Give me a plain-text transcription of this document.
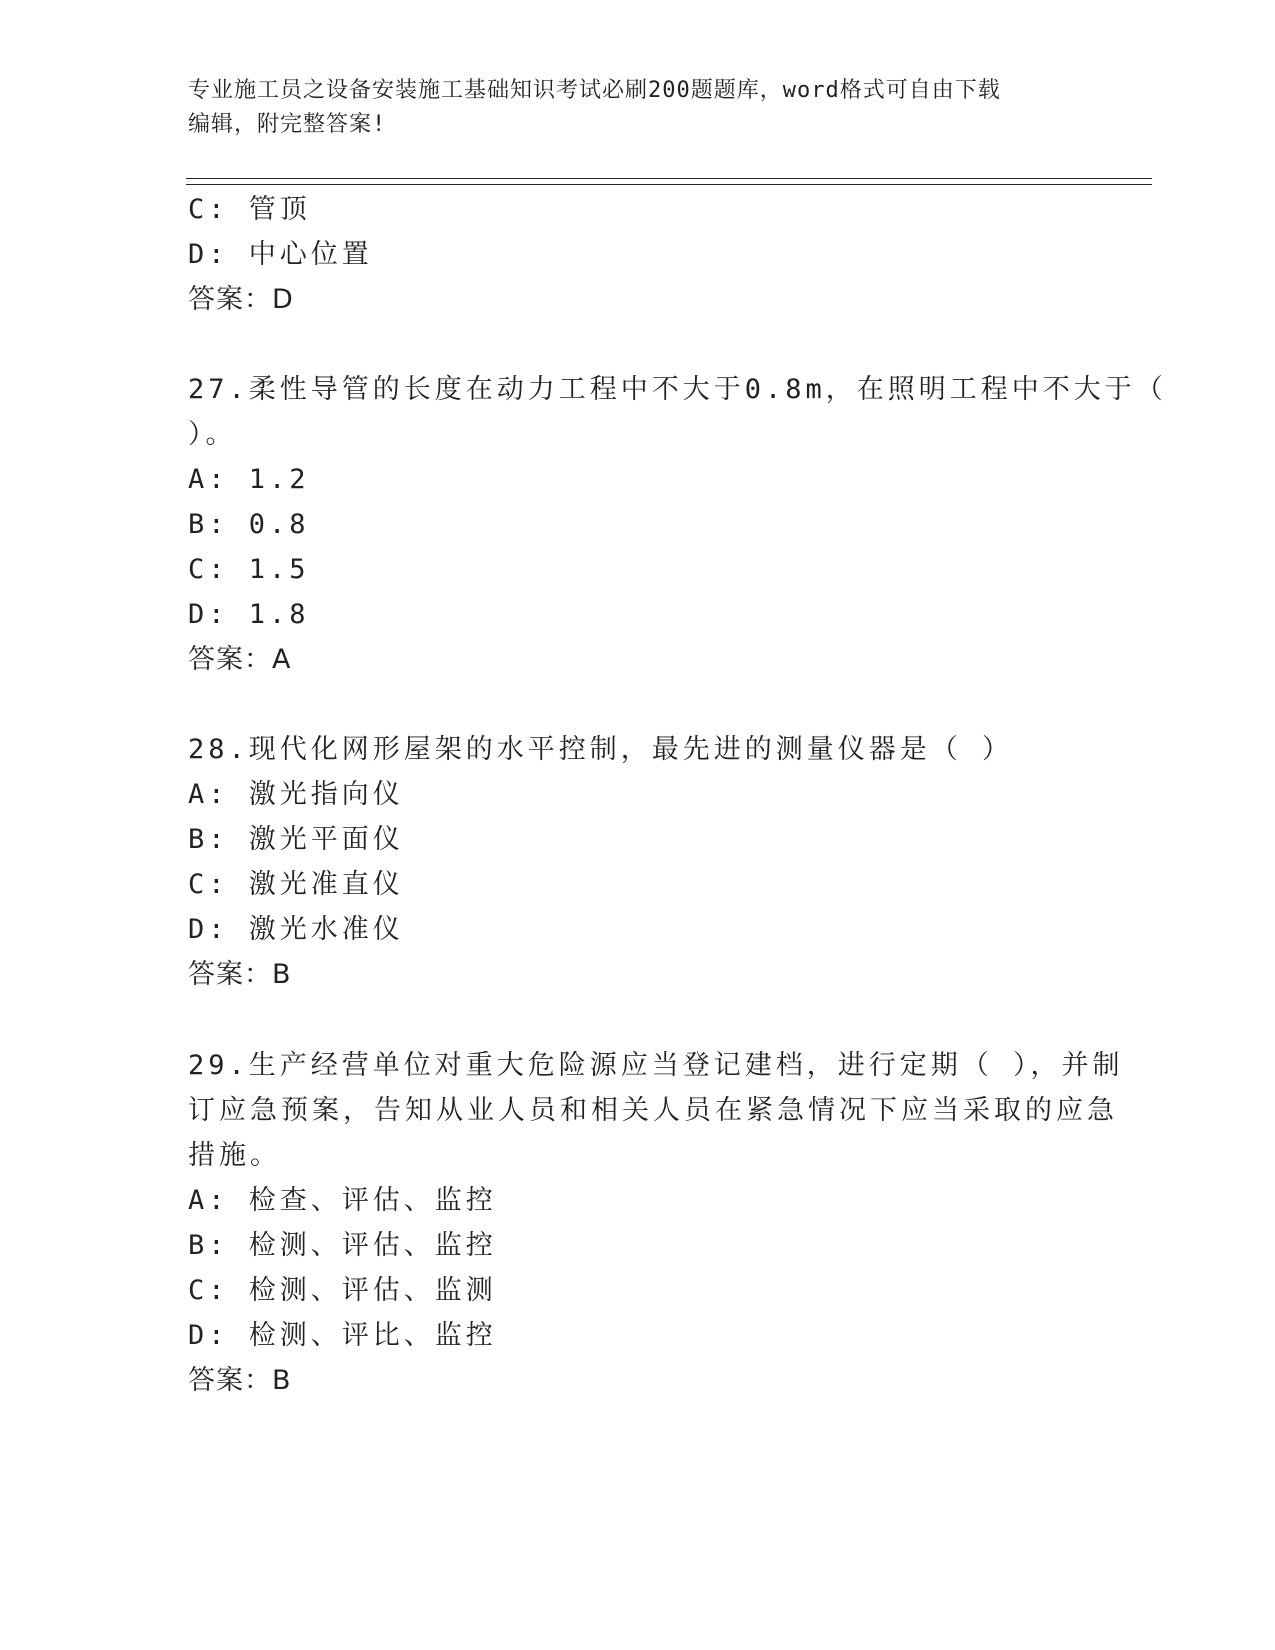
专业施工员之设备安装施工基础知识考试必刷200题题库，word格式可自由下载
编辑，附完整答案!
C: 管顶
D: 中心位置
答案：D
27.柔性导管的长度在动力工程中不大于0.8m，在照明工程中不大于（
）。
A: 1.2
B: 0.8
C: 1.5
D: 1.8
答案：A
28.现代化网形屋架的水平控制，最先进的测量仪器是（ ）
A: 激光指向仪
B: 激光平面仪
C: 激光准直仪
D: 激光水准仪
答案：B
29.生产经营单位对重大危险源应当登记建档，进行定期（ ），并制
订应急预案，告知从业人员和相关人员在紧急情况下应当采取的应急
措施。
A: 检查、评估、监控
B: 检测、评估、监控
C: 检测、评估、监测
D: 检测、评比、监控
答案：B
